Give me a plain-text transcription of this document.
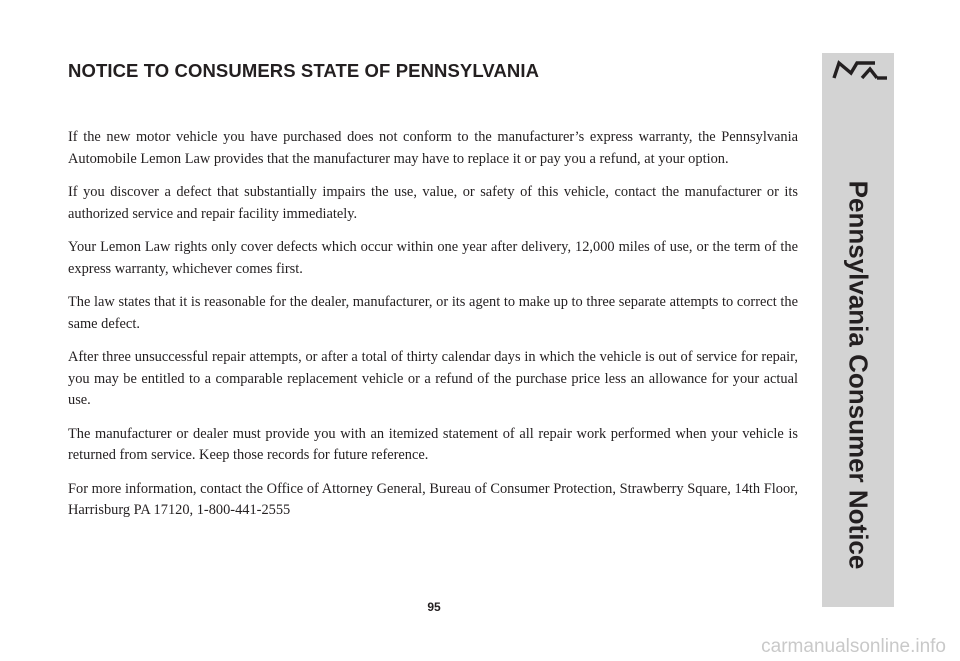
NOTICE TO CONSUMERS STATE OF PENNSYLVANIA

If the new motor vehicle you have purchased does not conform to the manufacturer’s express warranty, the Pennsylvania Automobile Lemon Law provides that the manufacturer may have to replace it or pay you a refund, at your option.

If you discover a defect that substantially impairs the use, value, or safety of this vehicle, contact the manufacturer or its authorized service and repair facility immediately.

Your Lemon Law rights only cover defects which occur within one year after delivery, 12,000 miles of use, or the term of the express warranty, whichever comes first.

The law states that it is reasonable for the dealer, manufacturer, or its agent to make up to three separate attempts to correct the same defect.

After three unsuccessful repair attempts, or after a total of thirty calendar days in which the vehicle is out of service for repair, you may be entitled to a comparable replacement vehicle or a refund of the purchase price less an allowance for your actual use.

The manufacturer or dealer must provide you with an itemized statement of all repair work performed when your vehicle is returned from service. Keep those records for future reference.

For more information, contact the Office of Attorney General, Bureau of Consumer Protection, Strawberry Square, 14th Floor, Harrisburg PA 17120, 1-800-441-2555

95
Pennsylvania Consumer Notice
carmanualsonline.info
